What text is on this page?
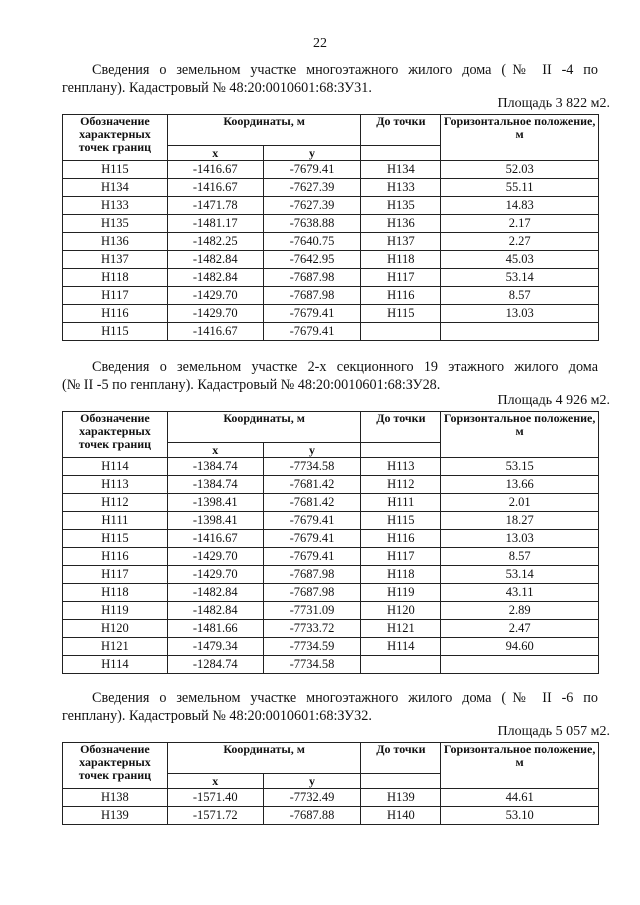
22
Сведения о земельном участке многоэтажного жилого дома (№ II -4 по
генплану). Кадастровый № 48:20:0010601:68:ЗУ31.
Площадь 3 822 м2.
Обозначение характерных точек границ	Координаты, м		До точки	Горизонтальное положение, м
	x	y		
Н115	-1416.67	-7679.41	Н134	52.03
Н134	-1416.67	-7627.39	Н133	55.11
Н133	-1471.78	-7627.39	Н135	14.83
Н135	-1481.17	-7638.88	Н136	2.17
Н136	-1482.25	-7640.75	Н137	2.27
Н137	-1482.84	-7642.95	Н118	45.03
Н118	-1482.84	-7687.98	Н117	53.14
Н117	-1429.70	-7687.98	Н116	8.57
Н116	-1429.70	-7679.41	Н115	13.03
Н115	-1416.67	-7679.41		
Сведения о земельном участке 2-х секционного 19 этажного жилого дома
(№ II -5 по генплану). Кадастровый № 48:20:0010601:68:ЗУ28.
Площадь 4 926 м2.
Обозначение характерных точек границ	Координаты, м		До точки	Горизонтальное положение, м
	x	y		
Н114	-1384.74	-7734.58	Н113	53.15
Н113	-1384.74	-7681.42	Н112	13.66
Н112	-1398.41	-7681.42	Н111	2.01
Н111	-1398.41	-7679.41	Н115	18.27
Н115	-1416.67	-7679.41	Н116	13.03
Н116	-1429.70	-7679.41	Н117	8.57
Н117	-1429.70	-7687.98	Н118	53.14
Н118	-1482.84	-7687.98	Н119	43.11
Н119	-1482.84	-7731.09	Н120	2.89
Н120	-1481.66	-7733.72	Н121	2.47
Н121	-1479.34	-7734.59	Н114	94.60
Н114	-1284.74	-7734.58		
Сведения о земельном участке многоэтажного жилого дома (№ II -6 по
генплану). Кадастровый № 48:20:0010601:68:ЗУ32.
Площадь 5 057 м2.
Обозначение характерных точек границ	Координаты, м		До точки	Горизонтальное положение, м
	x	y		
Н138	-1571.40	-7732.49	Н139	44.61
Н139	-1571.72	-7687.88	Н140	53.10
